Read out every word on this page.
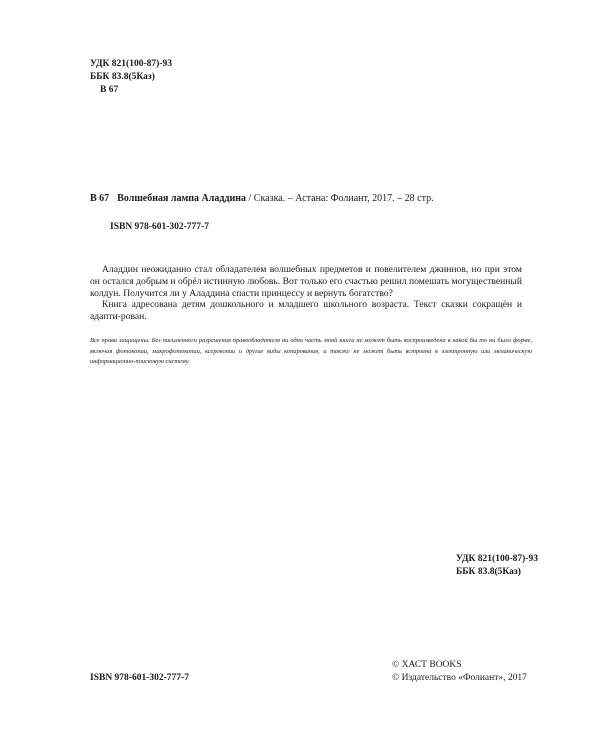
УДК 821(100-87)-93
ББК 83.8(5Каз)
В 67
В 67 Волшебная лампа Аладдина / Сказка. – Астана: Фолиант, 2017. – 28 стр.
ISBN 978-601-302-777-7

Аладдин неожиданно стал обладателем волшебных предметов и повелителем джиннов, но при этом он остался добрым и обрёл истинную любовь. Вот только его счастью решил помешать могущественный колдун. Получится ли у Аладдина спасти принцессу и вернуть богатство?

Книга адресована детям дошкольного и младшего школьного возраста. Текст сказки сокращён и адапти-рован.

Все права защищены. Без письменного разрешения правообладателя ни одна часть этой книги не может быть воспроизведена в какой бы то ни было форме, включая фотокопии, микрофотокопии, ксерокопии и другие виды копирования, а также не может быть встроена в электронную или механическую информационно-поисковую систему.
УДК 821(100-87)-93
ББК 83.8(5Каз)
ISBN 978-601-302-777-7
© ХАСТ BOOKS
© Издательство «Фолиант», 2017
